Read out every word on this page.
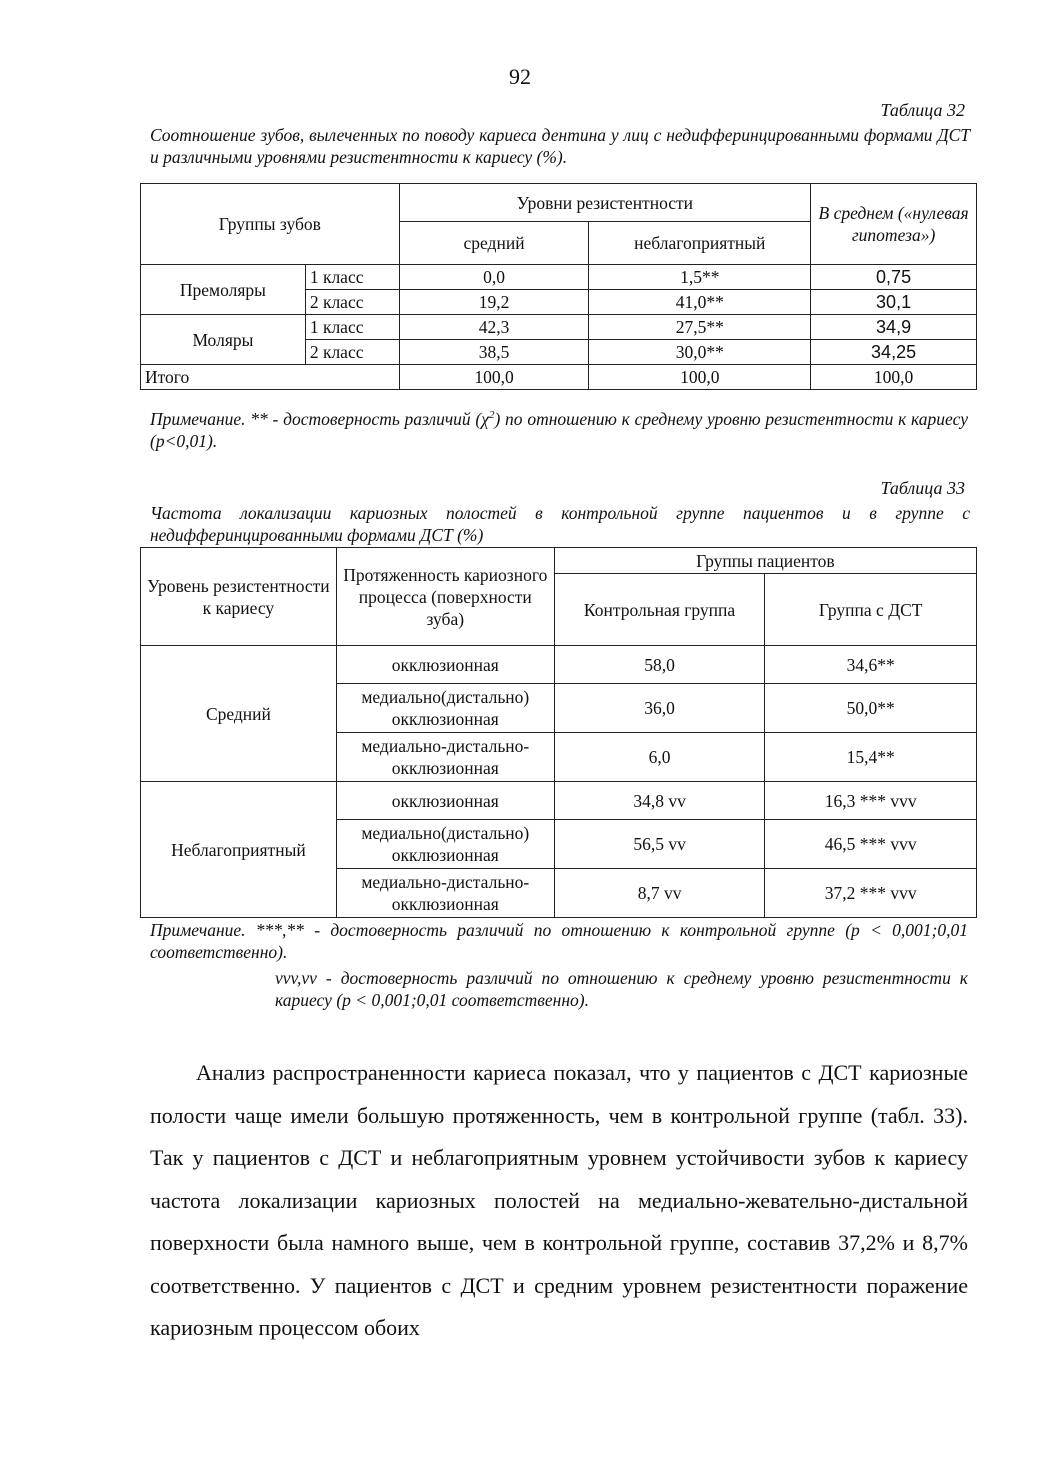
92
Таблица 32
Соотношение зубов, вылеченных по поводу кариеса дентина у лиц с недифферинцированными формами ДСТ и различными уровнями резистентности к кариесу (%).
Группы зубов		Уровни резистентности		В среднем («нулевая гипотеза»)
		средний	неблагоприятный	
Премоляры	1 класс	0,0	1,5**	0,75
	2 класс	19,2	41,0**	30,1
Моляры	1 класс	42,3	27,5**	34,9
	2 класс	38,5	30,0**	34,25
Итого		100,0	100,0	100,0
Примечание. ** - достоверность различий $(\chi^2)$ по отношению к среднему уровню резистентности к кариесу (p<0,01).
Таблица 33
Частота локализации кариозных полостей в контрольной группе пациентов и в группе с недифферинцированными формами ДСТ (%)
Уровень резистентности к кариесу	Протяженность кариозного процесса (поверхности зуба)	Группы пациентов	
		Контрольная группа	Группа с ДСТ
Средний	окклюзионная	58,0	34,6**
	медиально(дистально) окклюзионная	36,0	50,0**
	медиально-дистально-окклюзионная	6,0	15,4**
Неблагоприятный	окклюзионная	34,8 vv	16,3 *** vvv
	медиально(дистально) окклюзионная	56,5 vv	46,5 *** vvv
	медиально-дистально-окклюзионная	8,7 vv	37,2 *** vvv
Примечание. ***,** - достоверность различий по отношению к контрольной группе (p < 0,001;0,01 соответственно).
vvv,vv - достоверность различий по отношению к среднему уровню резистентности к кариесу (p < 0,001;0,01 соответственно).
Анализ распространенности кариеса показал, что у пациентов с ДСТ кариозные полости чаще имели большую протяженность, чем в контрольной группе (табл. 33). Так у пациентов с ДСТ и неблагоприятным уровнем устойчивости зубов к кариесу частота локализации кариозных полостей на медиально-жевательно-дистальной поверхности была намного выше, чем в контрольной группе, составив 37,2% и 8,7% соответственно. У пациентов с ДСТ и средним уровнем резистентности поражение кариозным процессом обоих
